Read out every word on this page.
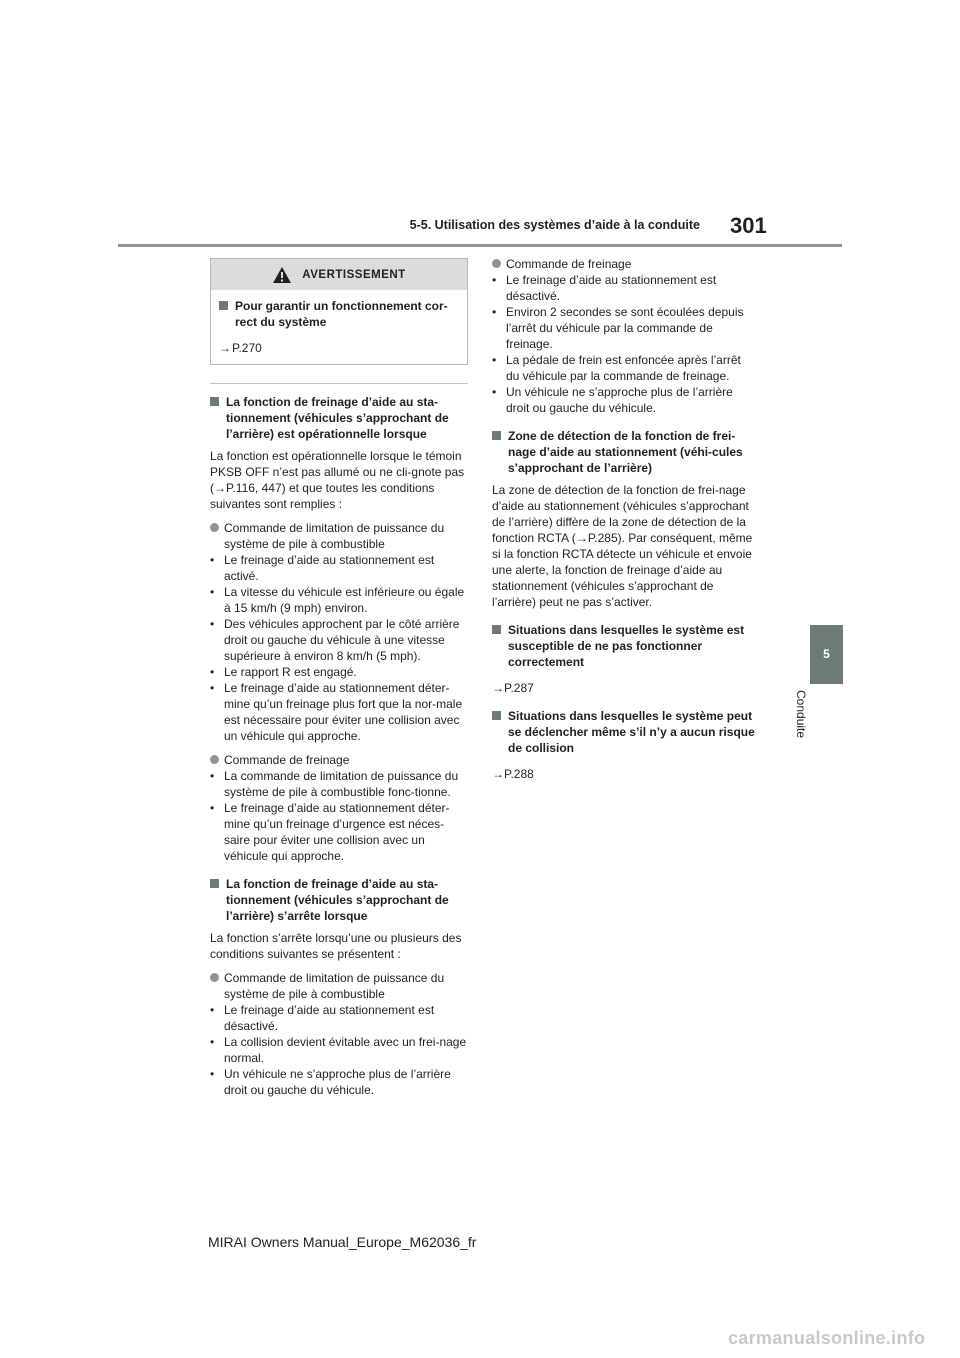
5-5. Utilisation des systèmes d’aide à la conduite 301
5
Conduite
AVERTISSEMENT
Pour garantir un fonctionnement cor-rect du système
→P.270
La fonction de freinage d’aide au sta-tionnement (véhicules s’approchant de l’arrière) est opérationnelle lorsque
La fonction est opérationnelle lorsque le témoin PKSB OFF n’est pas allumé ou ne cli-gnote pas (→P.116, 447) et que toutes les conditions suivantes sont remplies :
Commande de limitation de puissance du système de pile à combustible
• Le freinage d’aide au stationnement est activé.
• La vitesse du véhicule est inférieure ou égale à 15 km/h (9 mph) environ.
• Des véhicules approchent par le côté arrière droit ou gauche du véhicule à une vitesse supérieure à environ 8 km/h (5 mph).
• Le rapport R est engagé.
• Le freinage d’aide au stationnement déter-mine qu’un freinage plus fort que la nor-male est nécessaire pour éviter une collision avec un véhicule qui approche.
Commande de freinage
• La commande de limitation de puissance du système de pile à combustible fonc-tionne.
• Le freinage d’aide au stationnement déter-mine qu’un freinage d’urgence est néces-saire pour éviter une collision avec un véhicule qui approche.
La fonction de freinage d’aide au sta-tionnement (véhicules s’approchant de l’arrière) s’arrête lorsque
La fonction s’arrête lorsqu’une ou plusieurs des conditions suivantes se présentent :
Commande de limitation de puissance du système de pile à combustible
• Le freinage d’aide au stationnement est désactivé.
• La collision devient évitable avec un frei-nage normal.
• Un véhicule ne s’approche plus de l’arrière droit ou gauche du véhicule.
Commande de freinage
• Le freinage d’aide au stationnement est désactivé.
• Environ 2 secondes se sont écoulées depuis l’arrêt du véhicule par la commande de freinage.
• La pédale de frein est enfoncée après l’arrêt du véhicule par la commande de freinage.
• Un véhicule ne s’approche plus de l’arrière droit ou gauche du véhicule.
Zone de détection de la fonction de frei-nage d’aide au stationnement (véhi-cules s’approchant de l’arrière)
La zone de détection de la fonction de frei-nage d’aide au stationnement (véhicules s’approchant de l’arrière) diffère de la zone de détection de la fonction RCTA (→P.285). Par conséquent, même si la fonction RCTA détecte un véhicule et envoie une alerte, la fonction de freinage d’aide au stationnement (véhicules s’approchant de l’arrière) peut ne pas s’activer.
Situations dans lesquelles le système est susceptible de ne pas fonctionner correctement
→P.287
Situations dans lesquelles le système peut se déclencher même s’il n’y a aucun risque de collision
→P.288
MIRAI Owners Manual_Europe_M62036_fr
carmanualsonline.info
